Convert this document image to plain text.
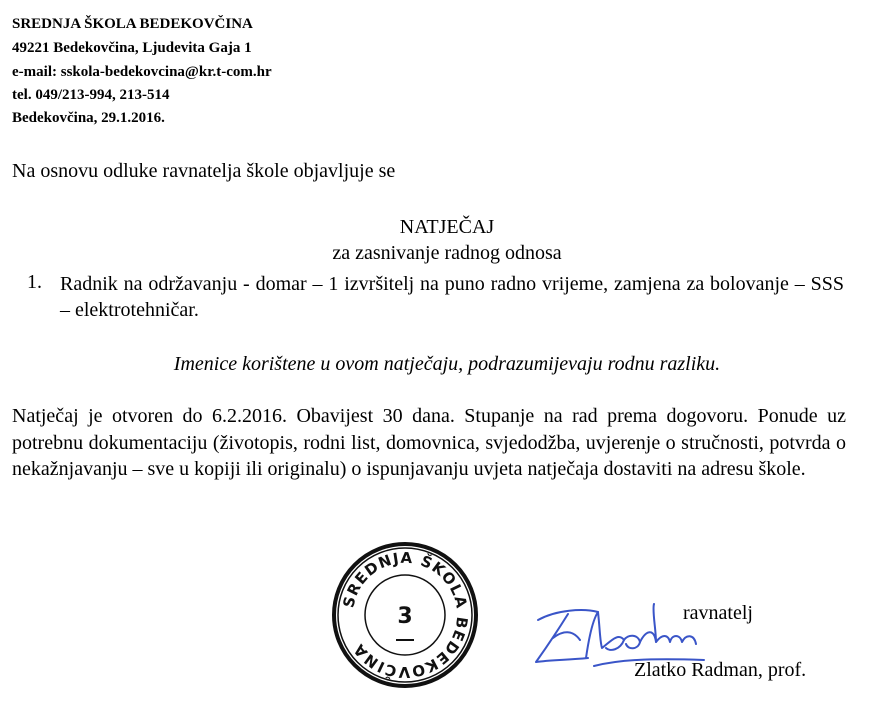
SREDNJA ŠKOLA BEDEKOVČINA
49221 Bedekovčina, Ljudevita Gaja 1
e-mail: sskola-bedekovcina@kr.t-com.hr
tel. 049/213-994, 213-514
Bedekovčina, 29.1.2016.
Na osnovu odluke ravnatelja škole objavljuje se
NATJEČAJ
za zasnivanje radnog odnosa
1. Radnik na održavanju - domar – 1 izvršitelj na puno radno vrijeme, zamjena za bolovanje – SSS – elektrotehničar.
Imenice korištene u ovom natječaju, podrazumijevaju rodnu razliku.
Natječaj je otvoren do 6.2.2016. Obavijest 30 dana. Stupanje na rad prema dogovoru. Ponude uz potrebnu dokumentaciju (životopis, rodni list, domovnica, svjedodžba, uvjerenje o stručnosti, potvrda o nekažnjavanju – sve u kopiji ili originalu) o ispunjavanju uvjeta natječaja dostaviti na adresu škole.
SREDNJA ŠKOLA BEDEKOVČINA
3	ravnatelj
Zlatko Radman, prof.
